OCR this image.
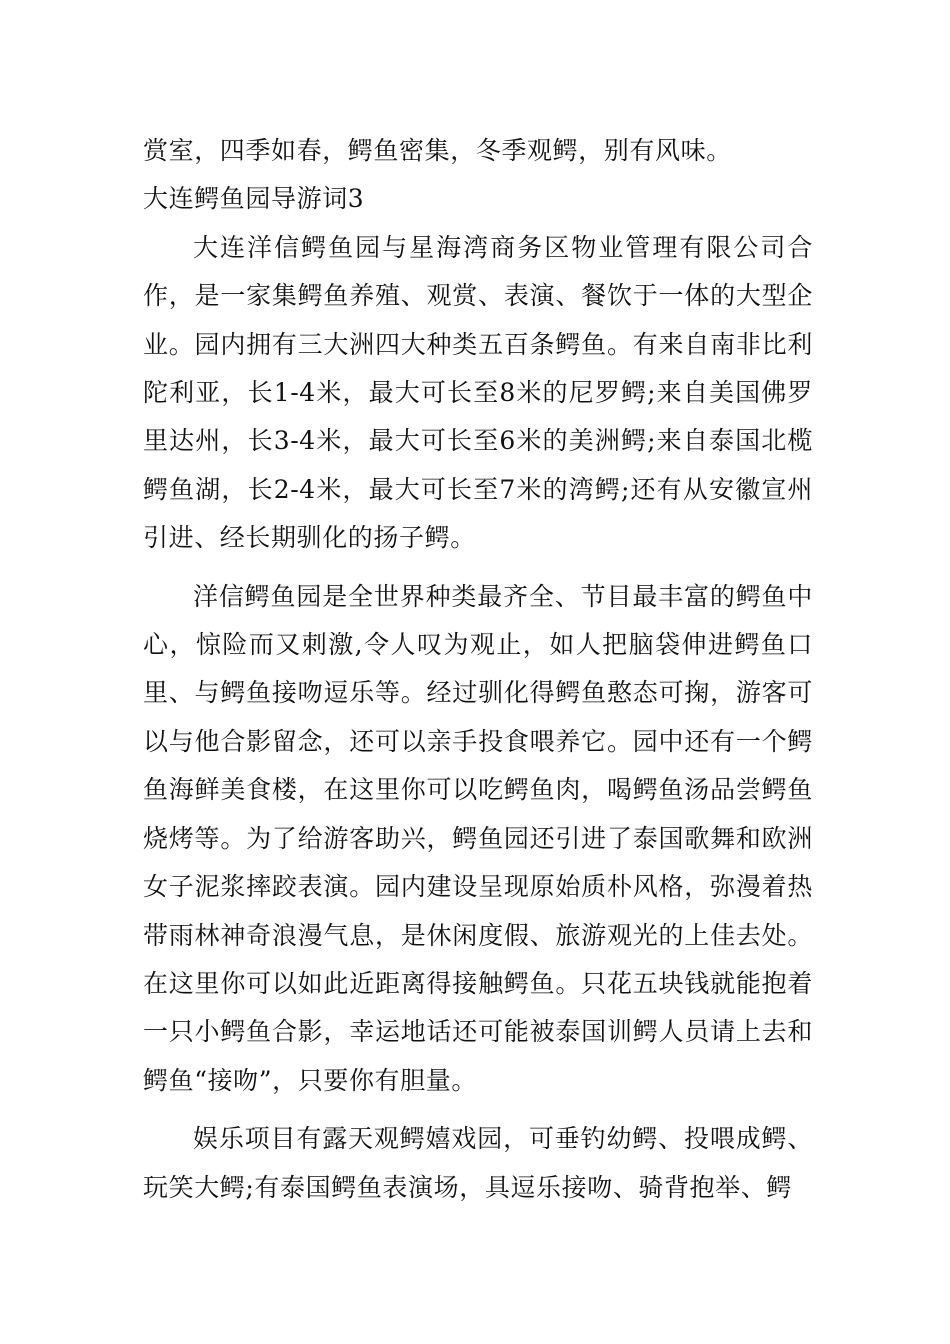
赏室，四季如春，鳄鱼密集，冬季观鳄，别有风味。

大连鳄鱼园导游词3

大连洋信鳄鱼园与星海湾商务区物业管理有限公司合作，是一家集鳄鱼养殖、观赏、表演、餐饮于一体的大型企业。园内拥有三大洲四大种类五百条鳄鱼。有来自南非比利陀利亚，长1-4米，最大可长至8米的尼罗鳄;来自美国佛罗里达州，长3-4米，最大可长至6米的美洲鳄;来自泰国北榄鳄鱼湖，长2-4米，最大可长至7米的湾鳄;还有从安徽宣州引进、经长期驯化的扬子鳄。

洋信鳄鱼园是全世界种类最齐全、节目最丰富的鳄鱼中心，惊险而又刺激,令人叹为观止，如人把脑袋伸进鳄鱼口里、与鳄鱼接吻逗乐等。经过驯化得鳄鱼憨态可掬，游客可以与他合影留念，还可以亲手投食喂养它。园中还有一个鳄鱼海鲜美食楼，在这里你可以吃鳄鱼肉，喝鳄鱼汤品尝鳄鱼烧烤等。为了给游客助兴，鳄鱼园还引进了泰国歌舞和欧洲女子泥浆摔跤表演。园内建设呈现原始质朴风格，弥漫着热带雨林神奇浪漫气息，是休闲度假、旅游观光的上佳去处。在这里你可以如此近距离得接触鳄鱼。只花五块钱就能抱着一只小鳄鱼合影，幸运地话还可能被泰国训鳄人员请上去和鳄鱼“接吻”，只要你有胆量。

娱乐项目有露天观鳄嬉戏园，可垂钓幼鳄、投喂成鳄、玩笑大鳄;有泰国鳄鱼表演场，具逗乐接吻、骑背抱举、鳄
